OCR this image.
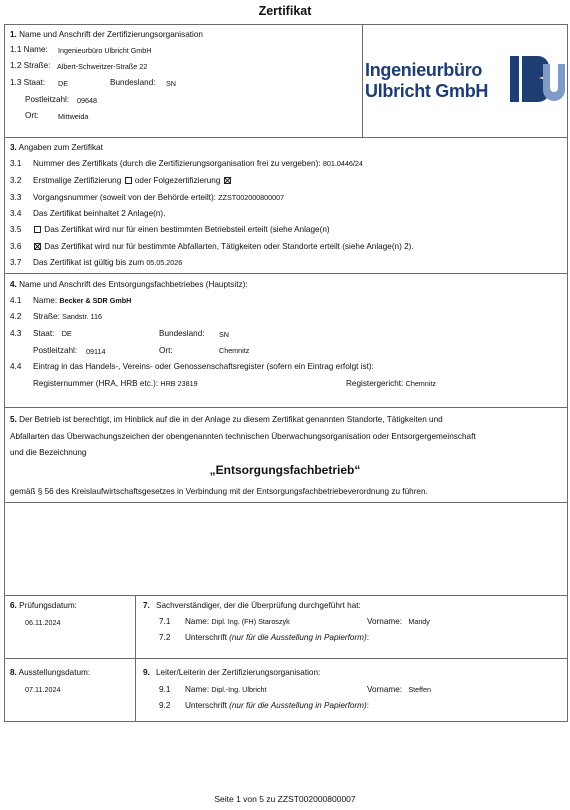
Zertifikat
1. Name und Anschrift der Zertifizierungsorganisation
1.1 Name: Ingenieurbüro Ulbricht GmbH
1.2 Straße: Albert-Schweitzer-Straße 22
1.3 Staat: DE	Bundesland: SN
Postleitzahl: 09648
Ort:	Mittweida
Ingenieurbüro
Ulbricht GmbH
3. Angaben zum Zertifikat
3.1 Nummer des Zertifikats (durch die Zertifizierungsorganisation frei zu vergeben): 801.0446/24
3.2 Erstmalige Zertifizierung oder Folgezertifizierung
3.3 Vorgangsnummer (soweit von der Behörde erteilt): ZZST002000800007
3.4 Das Zertifikat beinhaltet 2 Anlage(n).
3.5	Das Zertifikat wird nur für einen bestimmten Betriebsteil erteilt (siehe Anlage(n)
3.6	Das Zertifikat wird nur für bestimmte Abfallarten, Tätigkeiten oder Standorte erteilt (siehe Anlage(n) 2).
3.7 Das Zertifikat ist gültig bis zum 05.05.2026
4. Name und Anschrift des Entsorgungsfachbetriebes (Hauptsitz):
4.1 Name: Becker & SDR GmbH
4.2 Straße: Sandstr. 116
4.3 Staat: DE	Bundesland: SN
Postleitzahl: 09114	Ort:	Chemnitz
4.4 Eintrag in das Handels-, Vereins- oder Genossenschaftsregister (sofern ein Eintrag erfolgt ist):
Registernummer (HRA, HRB etc.): HRB 23819	Registergericht: Chemnitz
5. Der Betrieb ist berechtigt, im Hinblick auf die in der Anlage zu diesem Zertifikat genannten Standorte, Tätigkeiten und
Abfallarten das Überwachungszeichen der obengenannten technischen Überwachungsorganisation oder Entsorgergemeinschaft
und die Bezeichnung
„Entsorgungsfachbetrieb“
gemäß § 56 des Kreislaufwirtschaftsgesetzes in Verbindung mit der Entsorgungsfachbetriebeverordnung zu führen.
6. Prüfungsdatum:
06.11.2024
7. Sachverständiger, der die Überprüfung durchgeführt hat:
7.1 Name: Dipl. Ing. (FH) Staroszyk	Vorname: Mandy
7.2 Unterschrift (nur für die Ausstellung in Papierform):
8. Ausstellungsdatum:
07.11.2024
9. Leiter/Leiterin der Zertifizierungsorganisation:
9.1 Name: Dipl.-Ing. Ulbricht	Vorname: Steffen
9.2 Unterschrift (nur für die Ausstellung in Papierform):
Seite 1 von 5 zu ZZST002000800007
